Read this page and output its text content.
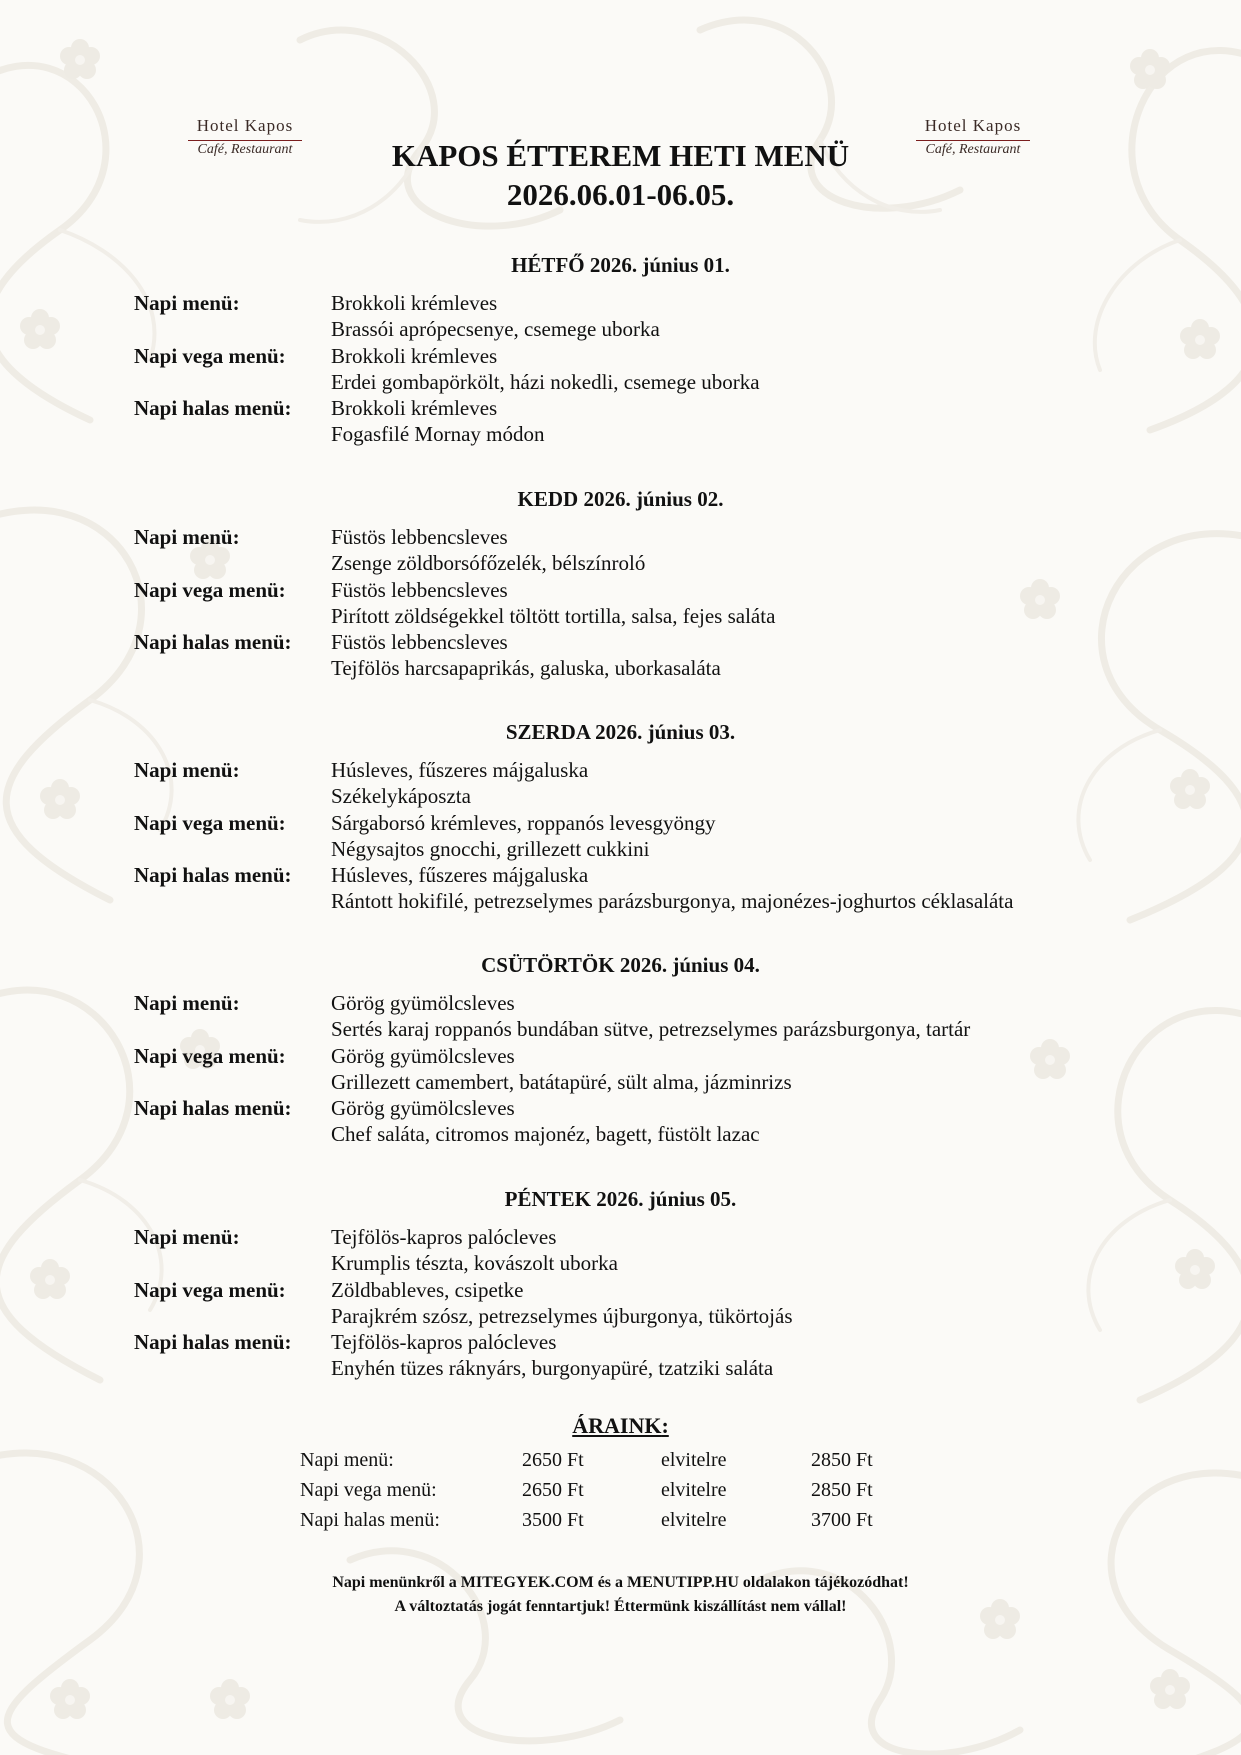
Hotel Kapos
Café, Restaurant
Hotel Kapos
Café, Restaurant
KAPOS ÉTTEREM HETI MENÜ
2026.06.01-06.05.
HÉTFŐ 2026. június 01.
Napi menü:	Brokkoli krémleves
Brassói aprópecsenye, csemege uborka
Napi vega menü: Brokkoli krémleves
Erdei gombapörkölt, házi nokedli, csemege uborka
Napi halas menü: Brokkoli krémleves
Fogasfilé Mornay módon
KEDD 2026. június 02.
Napi menü:	Füstös lebbencsleves
Zsenge zöldborsófőzelék, bélszínroló
Napi vega menü: Füstös lebbencsleves
Pirított zöldségekkel töltött tortilla, salsa, fejes saláta
Napi halas menü: Füstös lebbencsleves
Tejfölös harcsapaprikás, galuska, uborkasaláta
SZERDA 2026. június 03.
Napi menü:	Húsleves, fűszeres májgaluska
Székelykáposzta
Napi vega menü: Sárgaborsó krémleves, roppanós levesgyöngy
Négysajtos gnocchi, grillezett cukkini
Napi halas menü: Húsleves, fűszeres májgaluska
Rántott hokifilé, petrezselymes parázsburgonya, majonézes-joghurtos céklasaláta
CSÜTÖRTÖK 2026. június 04.
Napi menü:	Görög gyümölcsleves
Sertés karaj roppanós bundában sütve, petrezselymes parázsburgonya, tartár
Napi vega menü: Görög gyümölcsleves
Grillezett camembert, batátapüré, sült alma, jázminrizs
Napi halas menü: Görög gyümölcsleves
Chef saláta, citromos majonéz, bagett, füstölt lazac
PÉNTEK 2026. június 05.
Napi menü:	Tejfölös-kapros palócleves
Krumplis tészta, kovászolt uborka
Napi vega menü: Zöldbableves, csipetke
Parajkrém szósz, petrezselymes újburgonya, tükörtojás
Napi halas menü: Tejfölös-kapros palócleves
Enyhén tüzes ráknyárs, burgonyapüré, tzatziki saláta
ÁRAINK:
Napi menü:	2650 Ft	elvitelre	2850 Ft
Napi vega menü:	2650 Ft	elvitelre	2850 Ft
Napi halas menü:	3500 Ft	elvitelre	3700 Ft
Napi menünkről a MITEGYEK.COM és a MENUTIPP.HU oldalakon tájékozódhat!
A változtatás jogát fenntartjuk! Éttermünk kiszállítást nem vállal!
